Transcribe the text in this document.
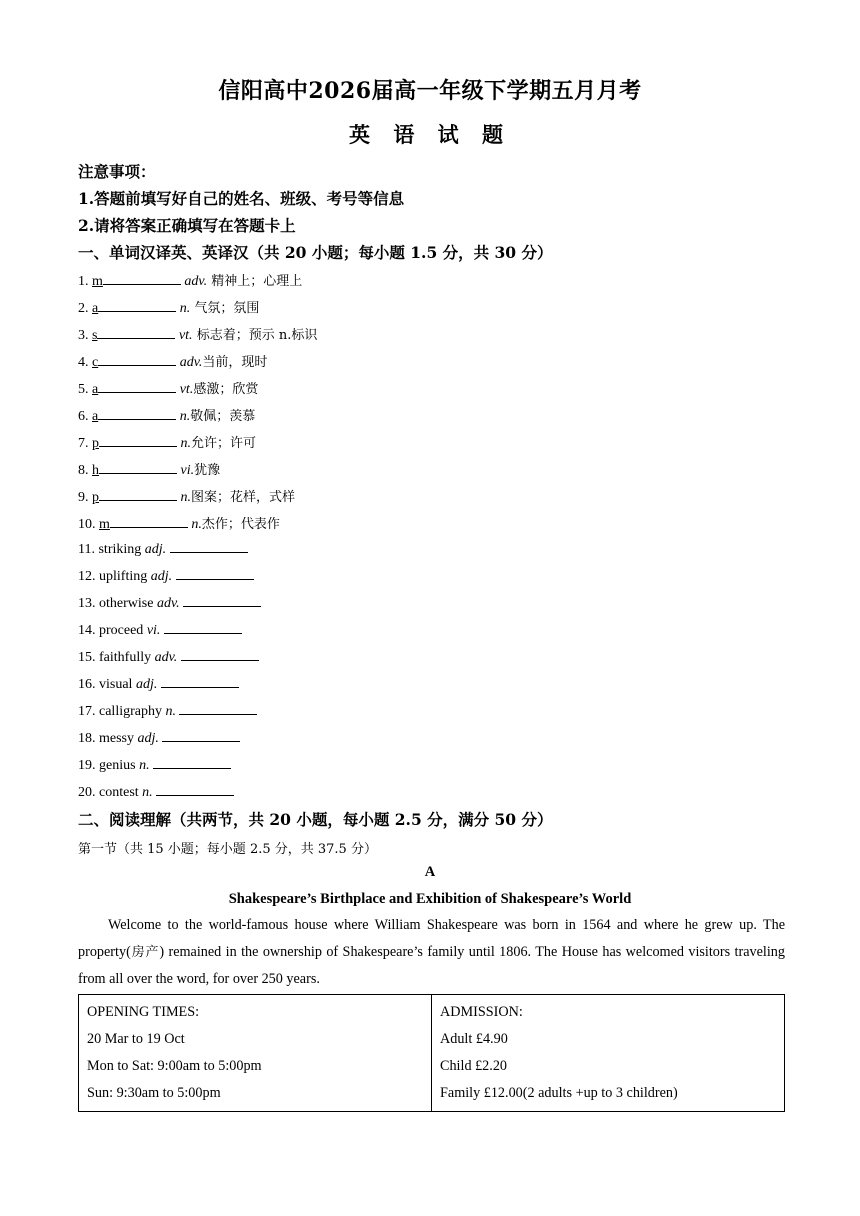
信阳高中2026届高一年级下学期五月月考
英 语 试 题
注意事项：
1.答题前填写好自己的姓名、班级、考号等信息
2.请将答案正确填写在答题卡上
一、单词汉译英、英译汉（共 20 小题；每小题 1.5 分，共 30 分）
1. m	adv. 精神上；心理上
2. a	n. 气氛；氛围
3. s	vt. 标志着；预示 n.标识
4. c	adv.当前，现时
5. a	vt.感激；欣赏
6. a	n.敬佩；羡慕
7. p	n.允许；许可
8. h	vi.犹豫
9. p	n.图案；花样，式样
10. m	n.杰作；代表作
11. striking adj.
12. uplifting adj.
13. otherwise adv.
14. proceed vi.
15. faithfully adv.
16. visual adj.
17. calligraphy n.
18. messy adj.
19. genius n.
20. contest n.
二、阅读理解（共两节，共 20 小题，每小题 2.5 分，满分 50 分）
第一节（共 15 小题；每小题 2.5 分，共 37.5 分）
A
Shakespeare’s Birthplace and Exhibition of Shakespeare’s World
Welcome to the world-famous house where William Shakespeare was born in 1564 and where he grew up. The property(房产) remained in the ownership of Shakespeare’s family until 1806. The House has welcomed visitors traveling from all over the word, for over 250 years.
OPENING TIMES:
20 Mar to 19 Oct
Mon to Sat: 9:00am to 5:00pm
Sun: 9:30am to 5:00pm

ADMISSION:
Adult £4.90
Child £2.20
Family £12.00(2 adults +up to 3 children)
